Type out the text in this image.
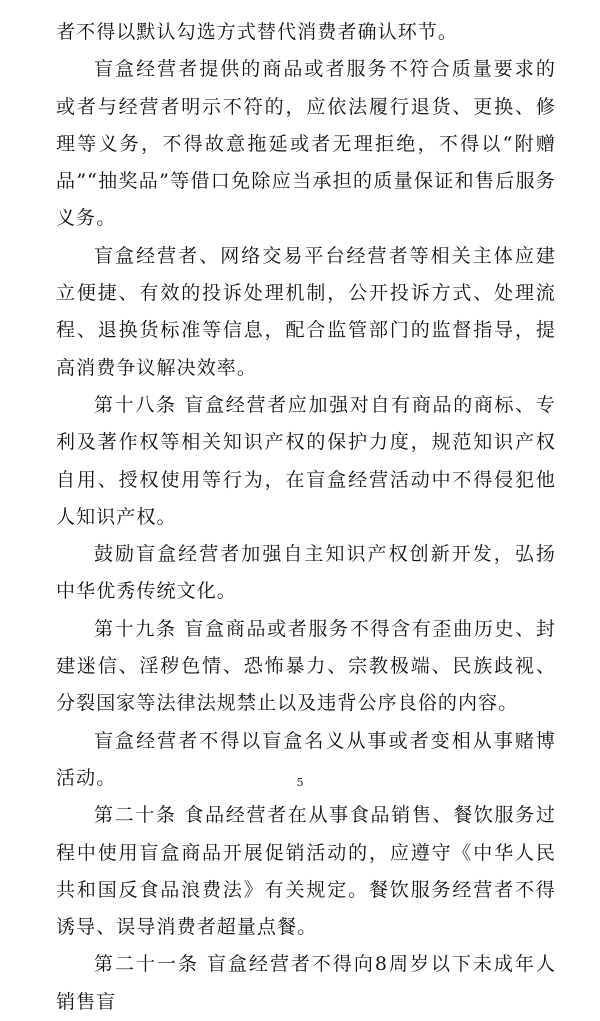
者不得以默认勾选方式替代消费者确认环节。

盲盒经营者提供的商品或者服务不符合质量要求的或者与经营者明示不符的，应依法履行退货、更换、修理等义务，不得故意拖延或者无理拒绝，不得以“附赠品”“抽奖品”等借口免除应当承担的质量保证和售后服务义务。

盲盒经营者、网络交易平台经营者等相关主体应建立便捷、有效的投诉处理机制，公开投诉方式、处理流程、退换货标准等信息，配合监管部门的监督指导，提高消费争议解决效率。

第十八条 盲盒经营者应加强对自有商品的商标、专利及著作权等相关知识产权的保护力度，规范知识产权自用、授权使用等行为，在盲盒经营活动中不得侵犯他人知识产权。

鼓励盲盒经营者加强自主知识产权创新开发，弘扬中华优秀传统文化。

第十九条 盲盒商品或者服务不得含有歪曲历史、封建迷信、淫秽色情、恐怖暴力、宗教极端、民族歧视、分裂国家等法律法规禁止以及违背公序良俗的内容。

盲盒经营者不得以盲盒名义从事或者变相从事赌博活动。

第二十条 食品经营者在从事食品销售、餐饮服务过程中使用盲盒商品开展促销活动的，应遵守《中华人民共和国反食品浪费法》有关规定。餐饮服务经营者不得诱导、误导消费者超量点餐。

第二十一条 盲盒经营者不得向8周岁以下未成年人销售盲

5
